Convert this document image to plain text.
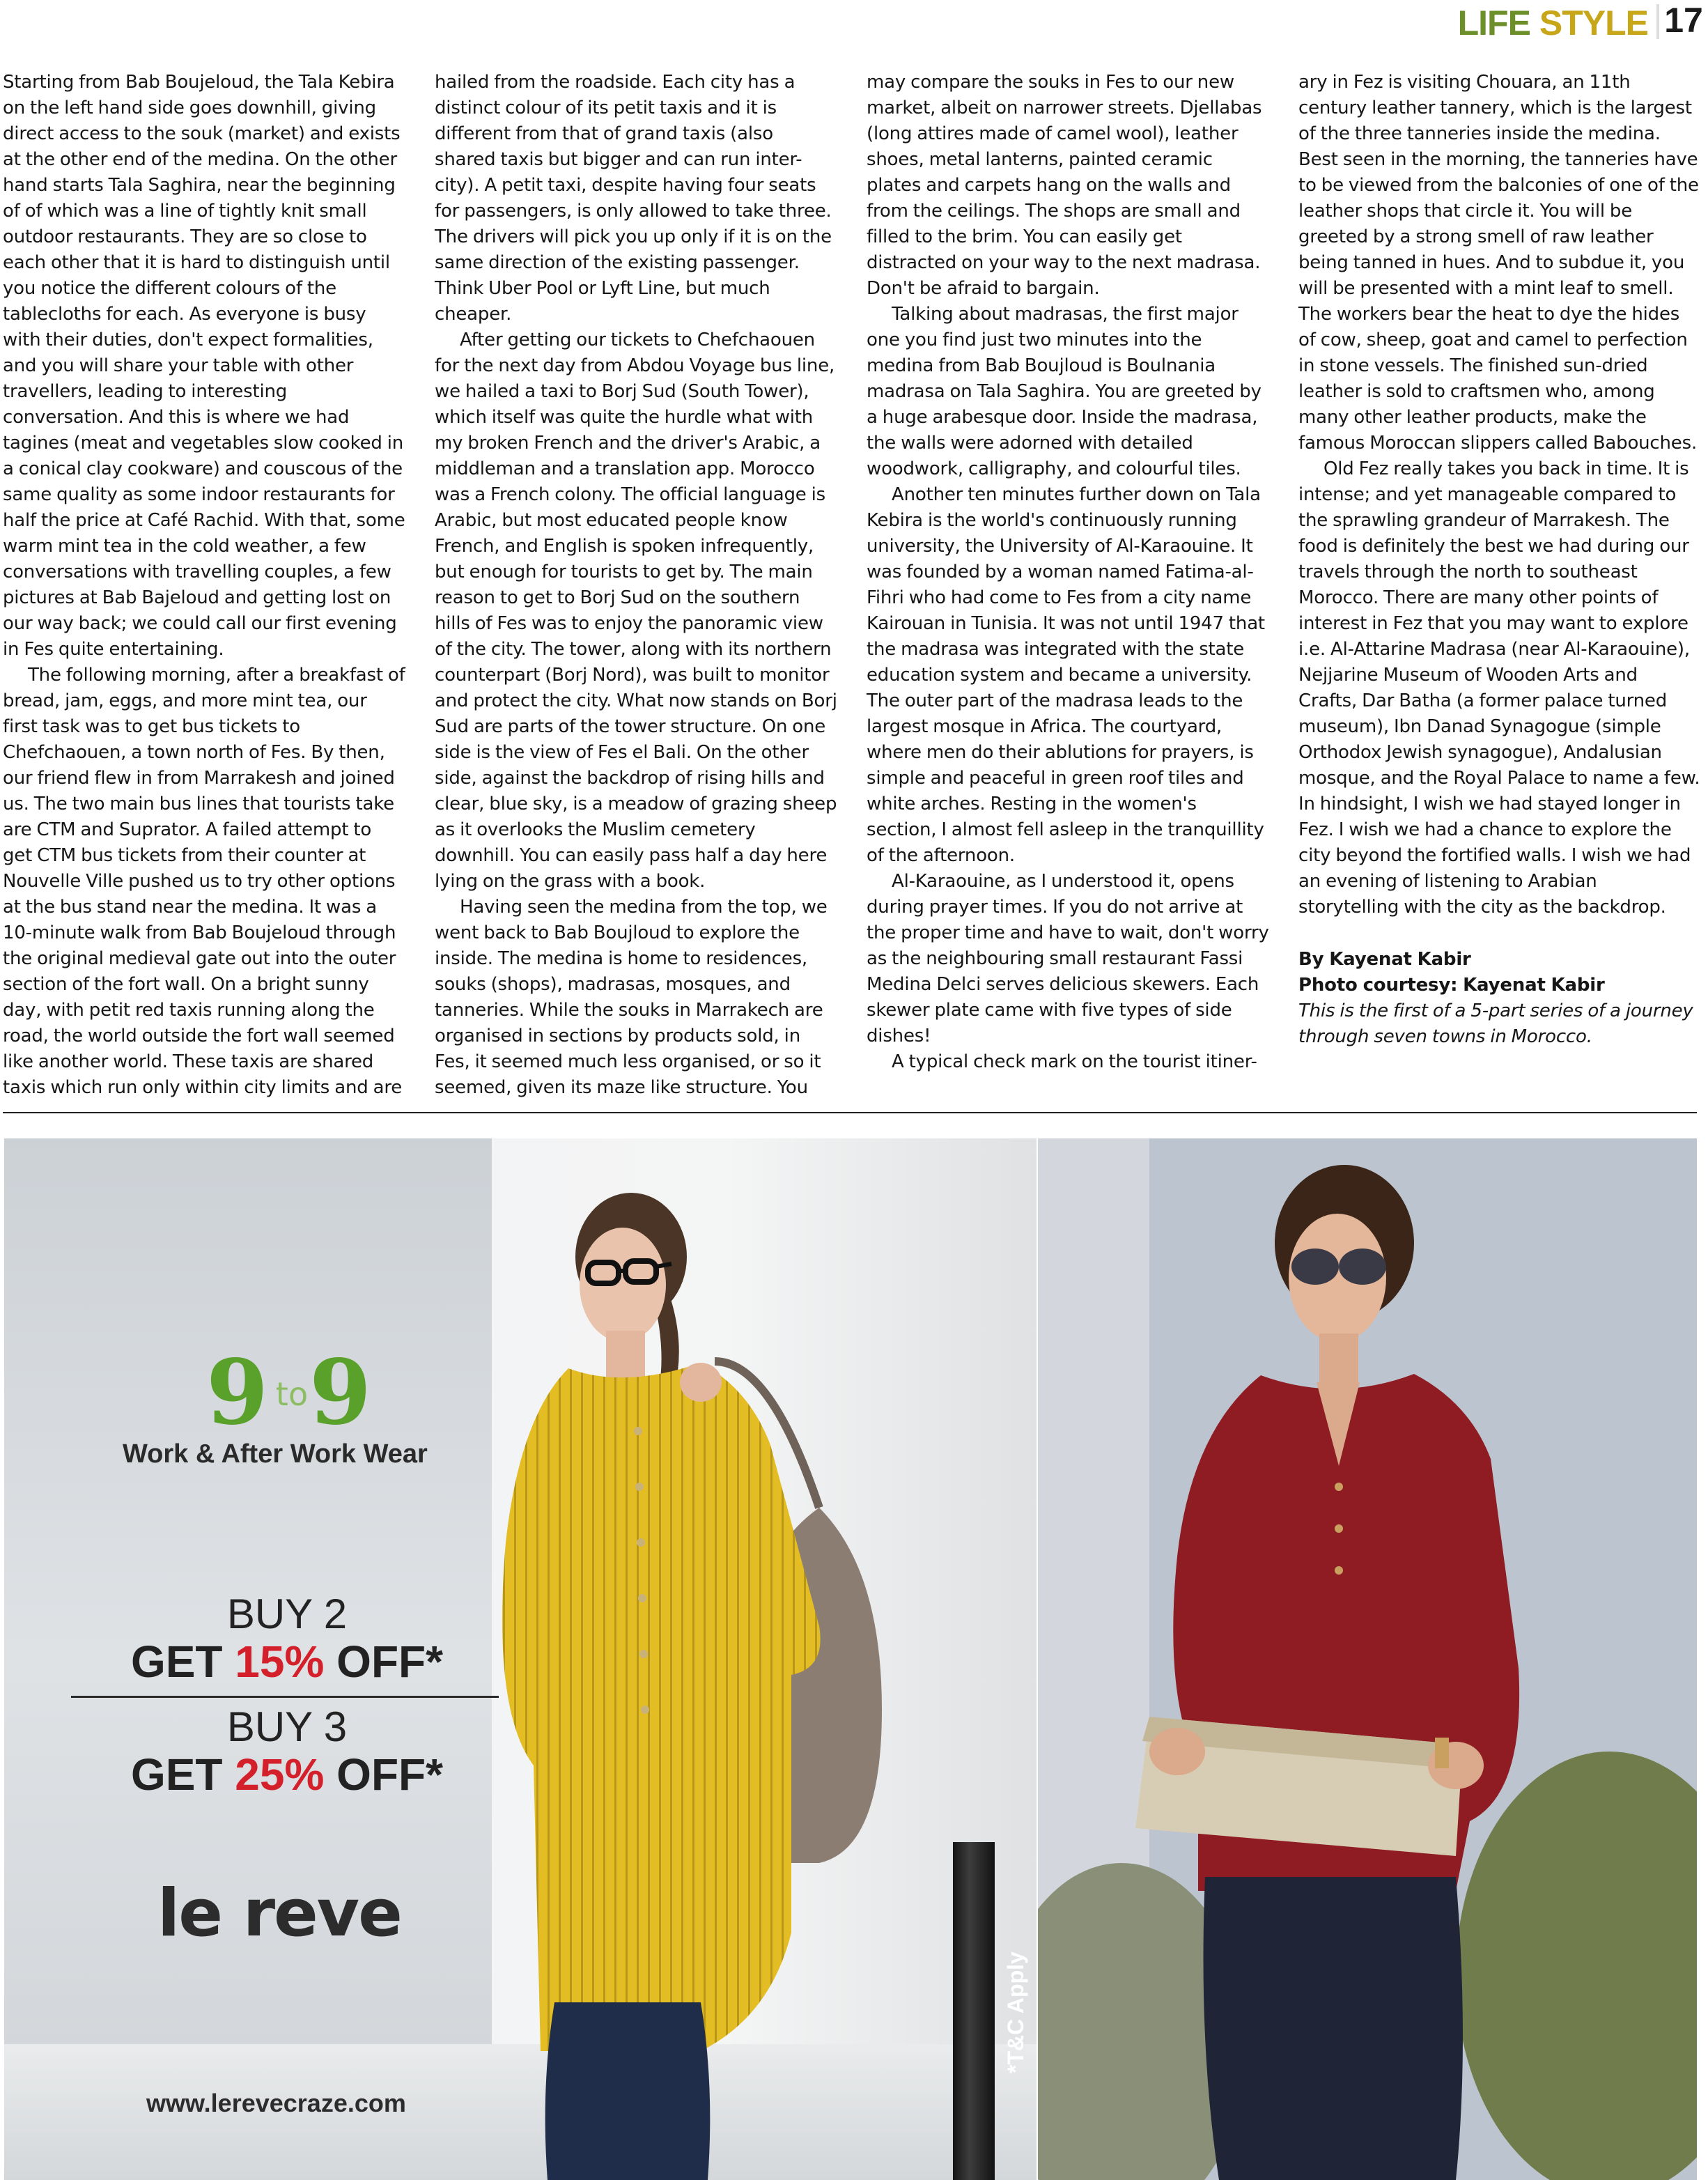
LIFE STYLE 17

Starting from Bab Boujeloud, the Tala Kebira on the left hand side goes downhill, giving direct access to the souk (market) and exists at the other end of the medina. On the other hand starts Tala Saghira, near the beginning of of which was a line of tightly knit small outdoor restaurants. They are so close to each other that it is hard to distinguish until you notice the different colours of the tablecloths for each. As everyone is busy with their duties, don't expect formalities, and you will share your table with other travellers, leading to interesting conversation. And this is where we had tagines (meat and vegetables slow cooked in a conical clay cookware) and couscous of the same quality as some indoor restaurants for half the price at Café Rachid. With that, some warm mint tea in the cold weather, a few conversations with travelling couples, a few pictures at Bab Bajeloud and getting lost on our way back; we could call our first evening in Fes quite entertaining.

The following morning, after a breakfast of bread, jam, eggs, and more mint tea, our first task was to get bus tickets to Chefchaouen, a town north of Fes. By then, our friend flew in from Marrakesh and joined us. The two main bus lines that tourists take are CTM and Suprator. A failed attempt to get CTM bus tickets from their counter at Nouvelle Ville pushed us to try other options at the bus stand near the medina. It was a 10-minute walk from Bab Boujeloud through the original medieval gate out into the outer section of the fort wall. On a bright sunny day, with petit red taxis running along the road, the world outside the fort wall seemed like another world. These taxis are shared taxis which run only within city limits and are

hailed from the roadside. Each city has a distinct colour of its petit taxis and it is different from that of grand taxis (also shared taxis but bigger and can run inter-city). A petit taxi, despite having four seats for passengers, is only allowed to take three. The drivers will pick you up only if it is on the same direction of the existing passenger. Think Uber Pool or Lyft Line, but much cheaper.

After getting our tickets to Chefchaouen for the next day from Abdou Voyage bus line, we hailed a taxi to Borj Sud (South Tower), which itself was quite the hurdle what with my broken French and the driver's Arabic, a middleman and a translation app. Morocco was a French colony. The official language is Arabic, but most educated people know French, and English is spoken infrequently, but enough for tourists to get by. The main reason to get to Borj Sud on the southern hills of Fes was to enjoy the panoramic view of the city. The tower, along with its northern counterpart (Borj Nord), was built to monitor and protect the city. What now stands on Borj Sud are parts of the tower structure. On one side is the view of Fes el Bali. On the other side, against the backdrop of rising hills and clear, blue sky, is a meadow of grazing sheep as it overlooks the Muslim cemetery downhill. You can easily pass half a day here lying on the grass with a book.

Having seen the medina from the top, we went back to Bab Boujloud to explore the inside. The medina is home to residences, souks (shops), madrasas, mosques, and tanneries. While the souks in Marrakech are organised in sections by products sold, in Fes, it seemed much less organised, or so it seemed, given its maze like structure. You

may compare the souks in Fes to our new market, albeit on narrower streets. Djellabas (long attires made of camel wool), leather shoes, metal lanterns, painted ceramic plates and carpets hang on the walls and from the ceilings. The shops are small and filled to the brim. You can easily get distracted on your way to the next madrasa. Don't be afraid to bargain.

Talking about madrasas, the first major one you find just two minutes into the medina from Bab Boujloud is Boulnania madrasa on Tala Saghira. You are greeted by a huge arabesque door. Inside the madrasa, the walls were adorned with detailed woodwork, calligraphy, and colourful tiles.

Another ten minutes further down on Tala Kebira is the world's continuously running university, the University of Al-Karaouine. It was founded by a woman named Fatima-al-Fihri who had come to Fes from a city name Kairouan in Tunisia. It was not until 1947 that the madrasa was integrated with the state education system and became a university. The outer part of the madrasa leads to the largest mosque in Africa. The courtyard, where men do their ablutions for prayers, is simple and peaceful in green roof tiles and white arches. Resting in the women's section, I almost fell asleep in the tranquillity of the afternoon.

Al-Karaouine, as I understood it, opens during prayer times. If you do not arrive at the proper time and have to wait, don't worry as the neighbouring small restaurant Fassi Medina Delci serves delicious skewers. Each skewer plate came with five types of side dishes!

A typical check mark on the tourist itiner-

ary in Fez is visiting Chouara, an 11th century leather tannery, which is the largest of the three tanneries inside the medina. Best seen in the morning, the tanneries have to be viewed from the balconies of one of the leather shops that circle it. You will be greeted by a strong smell of raw leather being tanned in hues. And to subdue it, you will be presented with a mint leaf to smell. The workers bear the heat to dye the hides of cow, sheep, goat and camel to perfection in stone vessels. The finished sun-dried leather is sold to craftsmen who, among many other leather products, make the famous Moroccan slippers called Babouches.

Old Fez really takes you back in time. It is intense; and yet manageable compared to the sprawling grandeur of Marrakesh. The food is definitely the best we had during our travels through the north to southeast Morocco. There are many other points of interest in Fez that you may want to explore i.e. Al-Attarine Madrasa (near Al-Karaouine), Nejjarine Museum of Wooden Arts and Crafts, Dar Batha (a former palace turned museum), Ibn Danad Synagogue (simple Orthodox Jewish synagogue), Andalusian mosque, and the Royal Palace to name a few. In hindsight, I wish we had stayed longer in Fez. I wish we had a chance to explore the city beyond the fortified walls. I wish we had an evening of listening to Arabian storytelling with the city as the backdrop.

By Kayenat Kabir

Photo courtesy: Kayenat Kabir

This is the first of a 5-part series of a journey through seven towns in Morocco.

9 to 9
Work & After Work Wear
BUY 2
GET 15% OFF*
BUY 3
GET 25% OFF*
le reve
www.lerevecraze.com
*T&C Apply
